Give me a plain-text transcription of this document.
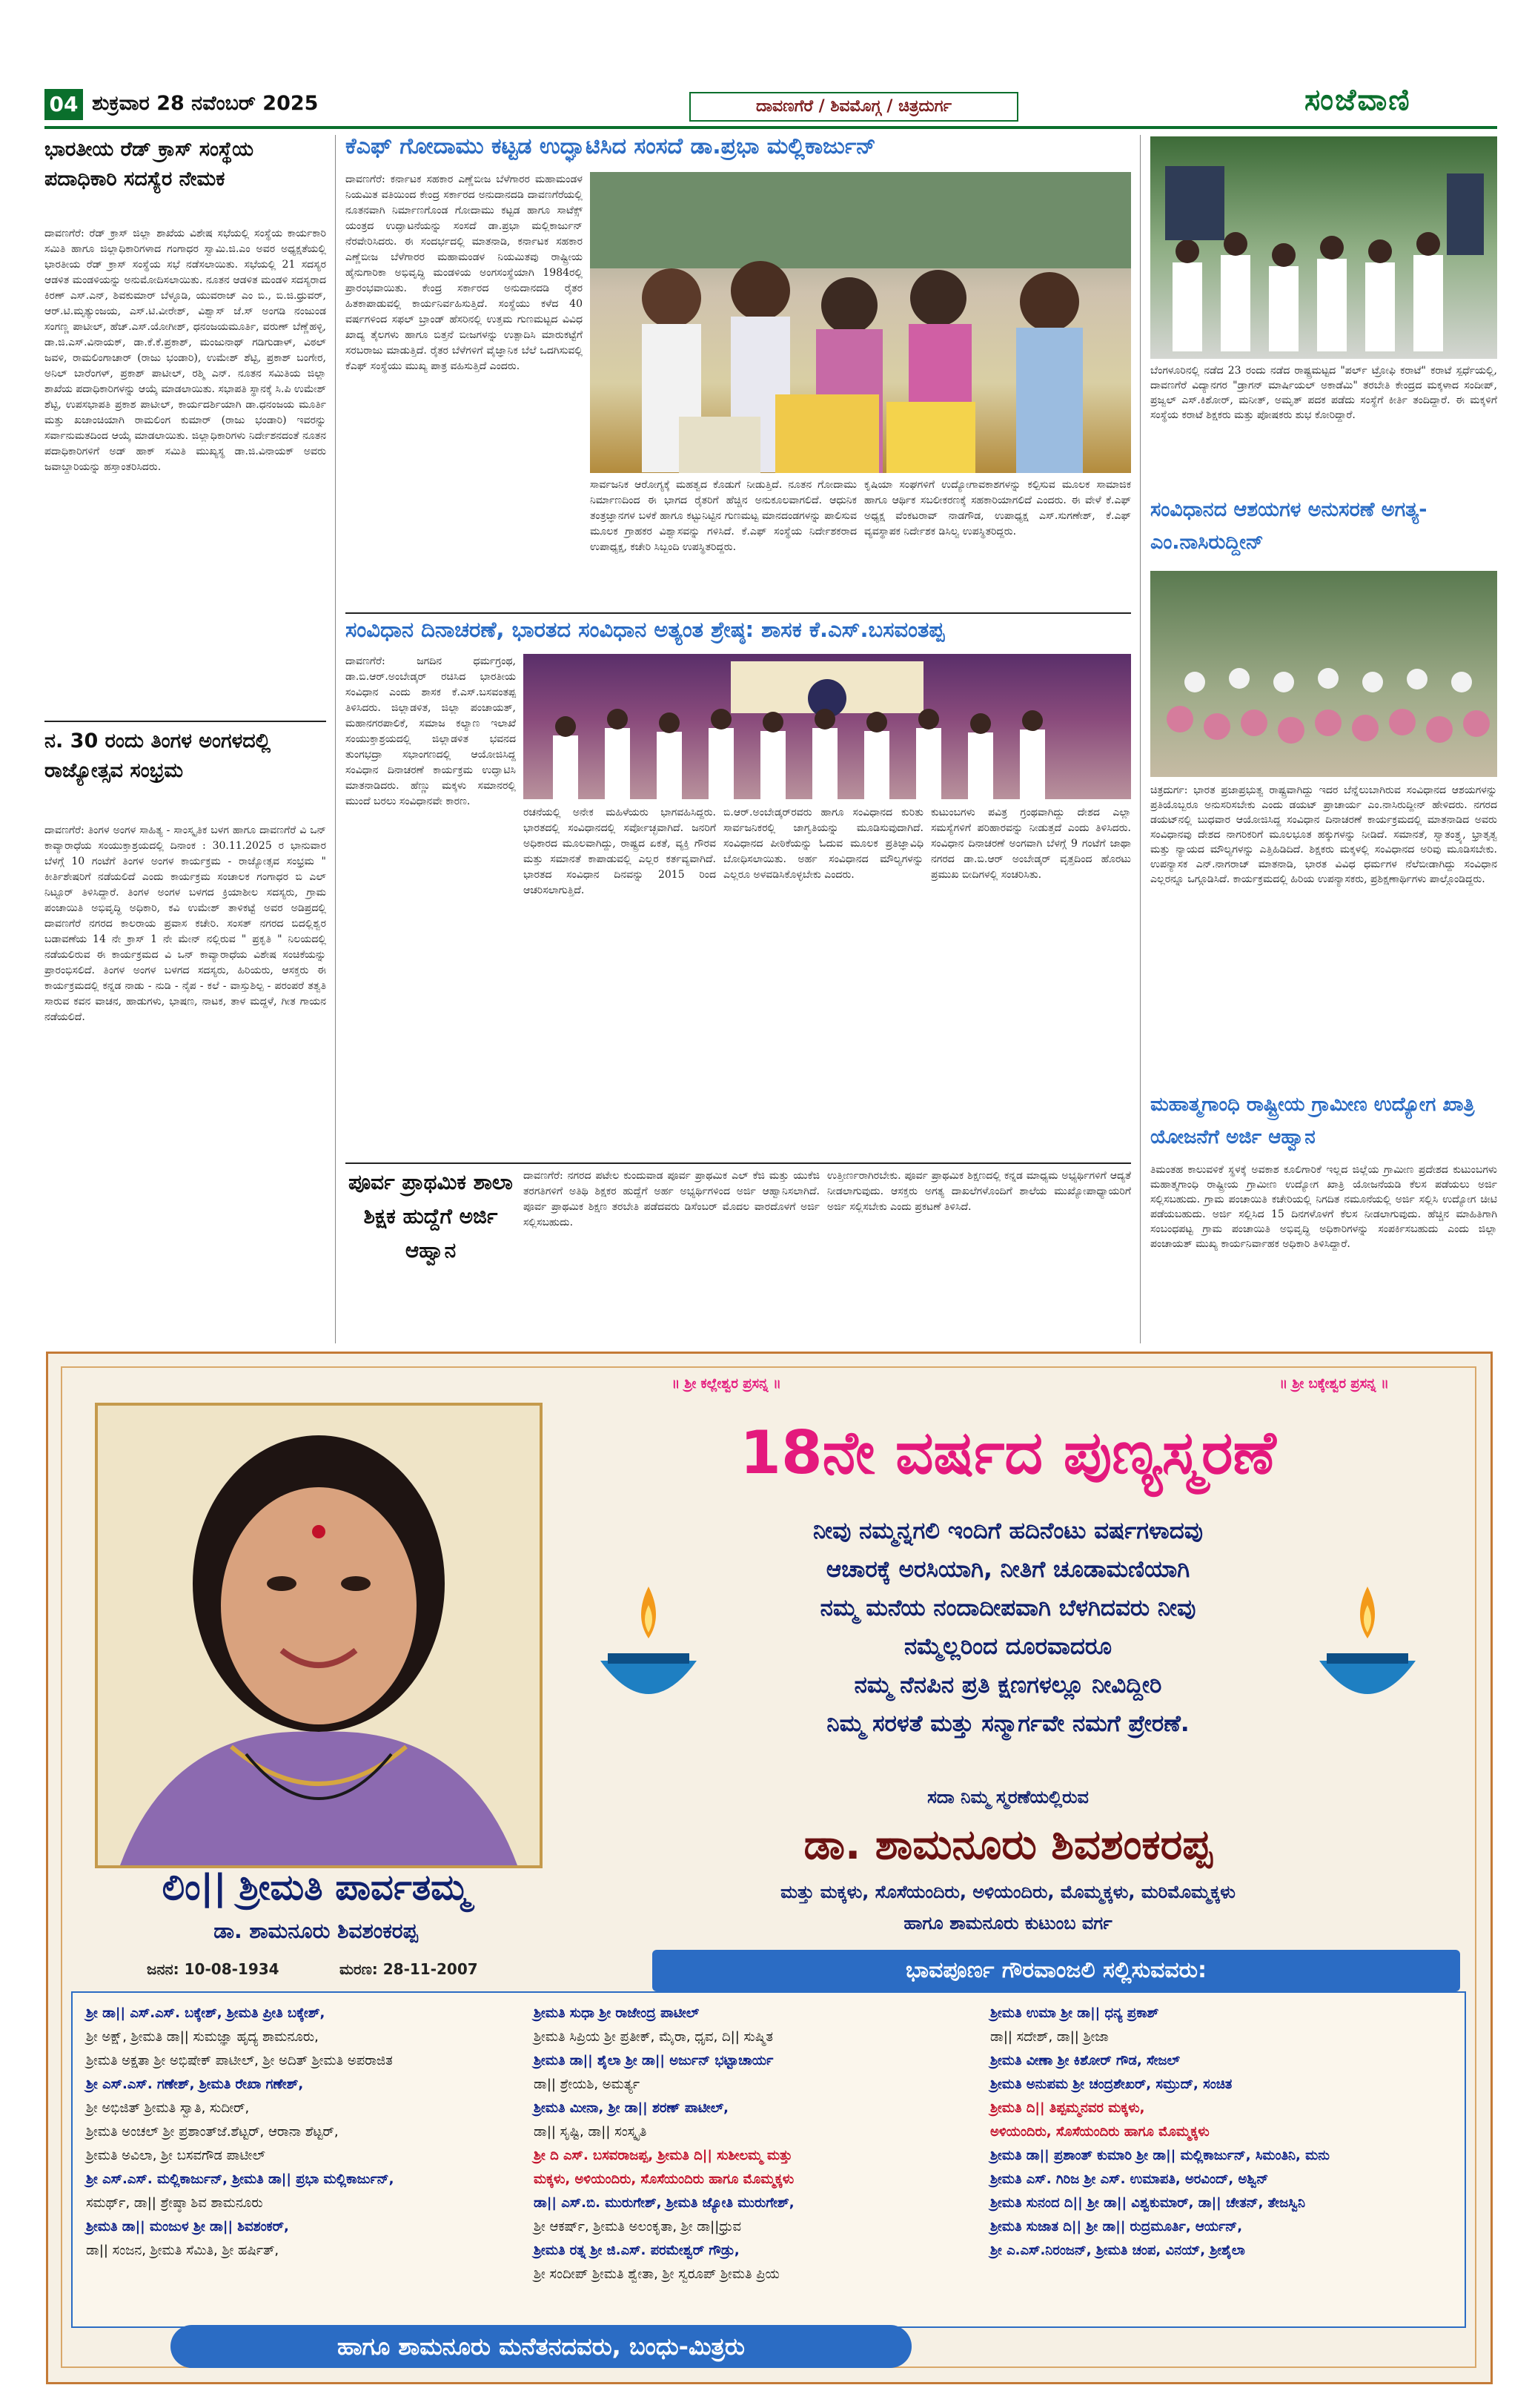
04 ಶುಕ್ರವಾರ 28 ನವೆಂಬರ್ 2025	ದಾವಣಗೆರೆ / ಶಿವಮೊಗ್ಗ / ಚಿತ್ರದುರ್ಗ	ಸಂಜೆವಾಣಿ
ಭಾರತೀಯ ರೆಡ್ ಕ್ರಾಸ್ ಸಂಸ್ಥೆಯ ಪದಾಧಿಕಾರಿ ಸದಸ್ಯೆರ ನೇಮಕ
ದಾವಣಗೆರೆ: ರೆಡ್ ಕ್ರಾಸ್ ಜಿಲ್ಲಾ ಶಾಖೆಯ ವಿಶೇಷ ಸಭೆಯಲ್ಲಿ ಸಂಸ್ಥೆಯ ಕಾರ್ಯಕಾರಿ ಸಮಿತಿ ಹಾಗೂ ಜಿಲ್ಲಾಧಿಕಾರಿಗಳಾದ ಗಂಗಾಧರ ಸ್ವಾಮಿ.ಜಿ.ಎಂ ಅವರ ಅಧ್ಯಕ್ಷತೆಯಲ್ಲಿ ಭಾರತೀಯ ರೆಡ್ ಕ್ರಾಸ್ ಸಂಸ್ಥೆಯ ಸಭೆ ನಡೆಸಲಾಯಿತು. ಸಭೆಯಲ್ಲಿ 21 ಸದಸ್ಯರ ಆಡಳಿತ ಮಂಡಳಿಯನ್ನು ಅನುಮೋದಿಸಲಾಯಿತು. ನೂತನ ಆಡಳಿತ ಮಂಡಳಿ ಸದಸ್ಯರಾದ ಕಿರಣ್ ಎಸ್.ಎನ್, ಶಿವಕುಮಾರ್ ಬೆಳ್ಳೂಡಿ, ಯುವರಾಜ್ ಎಂ ಬಿ., ಬಿ.ಜಿ.ಧ್ರುವರ್, ಆರ್.ಟಿ.ಮೃತ್ಯುಂಜಯ, ಎಸ್.ಟಿ.ವೀರೇಶ್, ವಿಶ್ವಾಸ್ ಜೆ.ಸ್ ಅಂಗಡಿ ನಂಜುಂಡ ಸಂಗಣ್ಣ ಪಾಟೀಲ್, ಹೆಚ್.ಎಸ್.ಯೋಗೀಶ್, ಧನಂಜಯಮೂರ್ತಿ, ವರುಣ್ ಬೆಣ್ಣೆಹಳ್ಳಿ, ಡಾ.ಜಿ.ಎಸ್.ವಿನಾಯಕ್, ಡಾ.ಕೆ.ಕೆ.ಪ್ರಕಾಶ್, ಮಂಜುನಾಥ್ ಗಡಿಗುಡಾಳ್, ವಿಠಲ್ ಜವಳಿ, ರಾಮಲಿಂಗಾಚಾರ್ (ರಾಜು ಭಂಡಾರಿ), ಉಮೇಶ್ ಶೆಟ್ಟಿ, ಪ್ರಕಾಶ್ ಬಂಗೇರ, ಅನಿಲ್ ಬಾರೆಂಗಳ್, ಪ್ರಕಾಶ್ ಪಾಟೀಲ್, ರಶ್ಮಿ ಎನ್. ನೂತನ ಸಮಿತಿಯ ಜಿಲ್ಲಾ ಶಾಖೆಯ ಪದಾಧಿಕಾರಿಗಳನ್ನು ಆಯ್ಕೆ ಮಾಡಲಾಯಿತು. ಸಭಾಪತಿ ಸ್ಥಾನಕ್ಕೆ ಸಿ.ಪಿ ಉಮೇಶ್ ಶೆಟ್ಟಿ, ಉಪಸಭಾಪತಿ ಪ್ರಕಾಶ ಪಾಟೀಲ್, ಕಾರ್ಯದರ್ಶಿಯಾಗಿ ಡಾ.ಧನಂಜಯ ಮೂರ್ತಿ ಮತ್ತು ಖಜಾಂಚಿಯಾಗಿ ರಾಮಲಿಂಗ ಕುಮಾರ್ (ರಾಜು ಭಂಡಾರಿ) ಇವರನ್ನು ಸರ್ವಾನುಮತದಿಂದ ಆಯ್ಕೆ ಮಾಡಲಾಯಿತು. ಜಿಲ್ಲಾಧಿಕಾರಿಗಳು ನಿರ್ದೇಶನದಂತೆ ನೂತನ ಪದಾಧಿಕಾರಿಗಳಿಗೆ ಅಡ್ ಹಾಕ್ ಸಮಿತಿ ಮುಖ್ಯಸ್ಥ ಡಾ.ಜಿ.ವಿನಾಯಕ್ ಅವರು ಜವಾಬ್ದಾರಿಯನ್ನು ಹಸ್ತಾಂತರಿಸಿದರು.
ನ. 30 ರಂದು ತಿಂಗಳ ಅಂಗಳದಲ್ಲಿ ರಾಜ್ಯೋತ್ಸವ ಸಂಭ್ರಮ
ದಾವಣಗೆರೆ: ತಿಂಗಳ ಅಂಗಳ ಸಾಹಿತ್ಯ - ಸಾಂಸ್ಕೃತಿಕ ಬಳಗ ಹಾಗೂ ದಾವಣಗೆರೆ ವಿ ಒನ್ ಕಾವ್ಯಾರಾಧೆಯ ಸಂಯುಕ್ತಾಶ್ರಯದಲ್ಲಿ ದಿನಾಂಕ : 30.11.2025 ರ ಭಾನುವಾರ ಬೆಳಗ್ಗೆ 10 ಗಂಟೆಗೆ ತಿಂಗಳ ಅಂಗಳ ಕಾರ್ಯಕ್ರಮ - ರಾಜ್ಯೋತ್ಸವ ಸಂಭ್ರಮ " ಕೀರ್ತಿಶೇಷರಿಗೆ ನಡೆಯಲಿದೆ ಎಂದು ಕಾರ್ಯಕ್ರಮ ಸಂಚಾಲಕ ಗಂಗಾಧರ ಬಿ ಎಲ್ ನಿಟ್ಟೂರ್ ತಿಳಿಸಿದ್ದಾರೆ. ತಿಂಗಳ ಅಂಗಳ ಬಳಗದ ಕ್ರಿಯಾಶೀಲ ಸದಸ್ಯರು, ಗ್ರಾಮ ಪಂಚಾಯಿತಿ ಅಭಿವೃದ್ಧಿ ಅಧಿಕಾರಿ, ಕವಿ ಉಮೇಶ್ ತಾಳಿಕಟ್ಟೆ ಅವರ ಅಡಿಪ್ರದಲ್ಲಿ ದಾವಣಗೆರೆ ನಗರದ ಕಾಲರಾಯ ಪ್ರವಾಸ ಕಚೇರಿ. ಸಂಸತ್ ನಗರದ ಬಿದಲ್ಲಿಶ್ವರ ಬಡಾವಣೆಯ 14 ನೇ ಕ್ರಾಸ್ 1 ನೇ ಮೇನ್ ನಲ್ಲಿರುವ " ಪ್ರಕೃತಿ " ನಿಲಯದಲ್ಲಿ ನಡೆಯಲಿರುವ ಈ ಕಾರ್ಯಕ್ರಮದ ವಿ ಒನ್ ಕಾವ್ಯಾರಾಧೆಯ ವಿಶೇಷ ಸಂಚಿಕೆಯನ್ನು ಪ್ರಾರಂಭಿಸಲಿದೆ. ತಿಂಗಳ ಅಂಗಳ ಬಳಗದ ಸದಸ್ಯರು, ಹಿರಿಯರು, ಆಸಕ್ತರು ಈ ಕಾರ್ಯಕ್ರಮದಲ್ಲಿ ಕನ್ನಡ ನಾಡು - ನುಡಿ - ನೈಪ - ಕಲೆ - ವಾಸ್ತುಶಿಲ್ಪ - ಪರಂಪರೆ ತತ್ವತಿ ಸಾರುವ ಕವನ ವಾಚನ, ಹಾಡುಗಳು, ಭಾಷಣ, ನಾಟಕ, ತಾಳ ಮದ್ದಳೆ, ಗೀತ ಗಾಯನ ನಡೆಯಲಿದೆ.
ಕೆಎಫ್ ಗೋದಾಮು ಕಟ್ಟಡ ಉದ್ಘಾಟಿಸಿದ ಸಂಸದೆ ಡಾ.ಪ್ರಭಾ ಮಲ್ಲಿಕಾರ್ಜುನ್
ದಾವಣಗೆರೆ: ಕರ್ನಾಟಕ ಸಹಕಾರ ಎಣ್ಣೆಬೀಜ ಬೆಳೆಗಾರರ ಮಹಾಮಂಡಳ ನಿಯಮಿತ ವತಿಯಿಂದ ಕೇಂದ್ರ ಸರ್ಕಾರದ ಅನುದಾನದಡಿ ದಾವಣಗೆರೆಯಲ್ಲಿ ನೂತನವಾಗಿ ನಿರ್ಮಾಣಗೊಂಡ ಗೋದಾಮು ಕಟ್ಟಡ ಹಾಗೂ ಸಾಟೆಕ್ಸ್ ಯಂತ್ರದ ಉದ್ಘಾಟನೆಯನ್ನು ಸಂಸದೆ ಡಾ.ಪ್ರಭಾ ಮಲ್ಲಿಕಾರ್ಜುನ್ ನೆರವೇರಿಸಿದರು. ಈ ಸಂದರ್ಭದಲ್ಲಿ ಮಾತನಾಡಿ, ಕರ್ನಾಟಕ ಸಹಕಾರ ಎಣ್ಣೆಬೀಜ ಬೆಳೆಗಾರರ ಮಹಾಮಂಡಳ ನಿಯಮಿತವು ರಾಷ್ಟ್ರೀಯ ಹೈನುಗಾರಿಕಾ ಅಭಿವೃದ್ಧಿ ಮಂಡಳಿಯ ಅಂಗಸಂಸ್ಥೆಯಾಗಿ 1984ರಲ್ಲಿ ಪ್ರಾರಂಭವಾಯಿತು. ಕೇಂದ್ರ ಸರ್ಕಾರದ ಅನುದಾನದಡಿ ರೈತರ ಹಿತಕಾಪಾಡುವಲ್ಲಿ ಕಾರ್ಯನಿರ್ವಹಿಸುತ್ತಿದೆ. ಸಂಸ್ಥೆಯು ಕಳೆದ 40 ವರ್ಷಗಳಿಂದ ಸಫಲ್ ಬ್ರಾಂಡ್ ಹೆಸರಿನಲ್ಲಿ ಉತ್ತಮ ಗುಣಮಟ್ಟದ ವಿವಿಧ ಖಾದ್ಯ ತೈಲಗಳು ಹಾಗೂ ಬಿತ್ತನೆ ಬೀಜಗಳನ್ನು ಉತ್ಪಾದಿಸಿ ಮಾರುಕಟ್ಟೆಗೆ ಸರಬರಾಜು ಮಾಡುತ್ತಿದೆ. ರೈತರ ಬೆಳೆಗಳಿಗೆ ವೈಜ್ಞಾನಿಕ ಬೆಲೆ ಒದಗಿಸುವಲ್ಲಿ ಕೆಎಫ್ ಸಂಸ್ಥೆಯು ಮುಖ್ಯ ಪಾತ್ರ ವಹಿಸುತ್ತಿದೆ ಎಂದರು.
ಸಾರ್ವಜನಿಕ ಆರೋಗ್ಯಕ್ಕೆ ಮಹತ್ವದ ಕೊಡುಗೆ ನೀಡುತ್ತಿದೆ. ನೂತನ ಗೋದಾಮು ನಿರ್ಮಾಣದಿಂದ ಈ ಭಾಗದ ರೈತರಿಗೆ ಹೆಚ್ಚಿನ ಅನುಕೂಲವಾಗಲಿದೆ. ಆಧುನಿಕ ತಂತ್ರಜ್ಞಾನಗಳ ಬಳಕೆ ಹಾಗೂ ಕಟ್ಟುನಿಟ್ಟಿನ ಗುಣಮಟ್ಟ ಮಾನದಂಡಗಳನ್ನು ಪಾಲಿಸುವ ಮೂಲಕ ಗ್ರಾಹಕರ ವಿಶ್ವಾಸವನ್ನು ಗಳಿಸಿದೆ. ಕೆ.ಎಫ್ ಸಂಸ್ಥೆಯ ನಿರ್ದೇಶಕರಾದ ಉಪಾಧ್ಯಕ್ಷ, ಕಚೇರಿ ಸಿಬ್ಬಂದಿ ಉಪಸ್ಥಿತರಿದ್ದರು.
ಕೃಷಿಯಾ ಸಂಘಗಳಿಗೆ ಉದ್ಯೋಗಾವಕಾಶಗಳನ್ನು ಕಲ್ಪಿಸುವ ಮೂಲಕ ಸಾಮಾಜಿಕ ಹಾಗೂ ಆರ್ಥಿಕ ಸಬಲೀಕರಣಕ್ಕೆ ಸಹಕಾರಿಯಾಗಲಿದೆ ಎಂದರು. ಈ ವೇಳೆ ಕೆ.ಎಫ್ ಅಧ್ಯಕ್ಷ ವೆಂಕಟರಾವ್ ನಾಡಗೌಡ, ಉಪಾಧ್ಯಕ್ಷ ಎಸ್.ಸುಗಣೇಶ್, ಕೆ.ಎಫ್ ವ್ಯವಸ್ಥಾಪಕ ನಿರ್ದೇಶಕ ಡಿಸಿಲ್ವ ಉಪಸ್ಥಿತರಿದ್ದರು.
ಸಂವಿಧಾನ ದಿನಾಚರಣೆ, ಭಾರತದ ಸಂವಿಧಾನ ಅತ್ಯಂತ ಶ್ರೇಷ್ಠ: ಶಾಸಕ ಕೆ.ಎಸ್.ಬಸವಂತಪ್ಪ
ದಾವಣಗೆರೆ: ಜಗದಿನ ಧರ್ಮಗ್ರಂಥ, ಡಾ.ಬಿ.ಆರ್.ಅಂಬೇಡ್ಕರ್ ರಚಿಸಿದ ಭಾರತೀಯ ಸಂವಿಧಾನ ಎಂದು ಶಾಸಕ ಕೆ.ಎಸ್.ಬಸವಂತಪ್ಪ ತಿಳಿಸಿದರು. ಜಿಲ್ಲಾಡಳಿತ, ಜಿಲ್ಲಾ ಪಂಚಾಯತ್, ಮಹಾನಗರಪಾಲಿಕೆ, ಸಮಾಜ ಕಲ್ಯಾಣ ಇಲಾಖೆ ಸಂಯುಕ್ತಾಶ್ರಯದಲ್ಲಿ ಜಿಲ್ಲಾಡಳಿತ ಭವನದ ತುಂಗಭದ್ರಾ ಸಭಾಂಗಣದಲ್ಲಿ ಆಯೋಜಿಸಿದ್ದ ಸಂವಿಧಾನ ದಿನಾಚರಣೆ ಕಾರ್ಯಕ್ರಮ ಉದ್ಘಾಟಿಸಿ ಮಾತನಾಡಿದರು. ಹೆಣ್ಣು ಮಕ್ಕಳು ಸಮಾನರಲ್ಲಿ ಮುಂದೆ ಬರಲು ಸಂವಿಧಾನವೇ ಕಾರಣ.
ರಚನೆಯಲ್ಲಿ ಅನೇಕ ಮಹಿಳೆಯರು ಭಾಗವಹಿಸಿದ್ದರು. ಭಾರತದಲ್ಲಿ ಸಂವಿಧಾನದಲ್ಲಿ ಸರ್ವೋಚ್ಛವಾಗಿದೆ. ಜನರಿಗೆ ಅಧಿಕಾರದ ಮೂಲವಾಗಿದ್ದು, ರಾಷ್ಟ್ರದ ಏಕತೆ, ವ್ಯಕ್ತಿ ಗೌರವ ಮತ್ತು ಸಮಾನತೆ ಕಾಪಾಡುವಲ್ಲಿ ಎಲ್ಲರ ಕರ್ತವ್ಯವಾಗಿದೆ. ಭಾರತದ ಸಂವಿಧಾನ ದಿನವನ್ನು 2015 ರಿಂದ ಆಚರಿಸಲಾಗುತ್ತಿದೆ.
ಬಿ.ಆರ್.ಅಂಬೇಡ್ಕರ್‌ರವರು ಹಾಗೂ ಸಂವಿಧಾನದ ಕುರಿತು ಸಾರ್ವಜನಿಕರಲ್ಲಿ ಜಾಗೃತಿಯನ್ನು ಮೂಡಿಸುವುದಾಗಿದೆ. ಸಂವಿಧಾನದ ಪೀಠಿಕೆಯನ್ನು ಓದುವ ಮೂಲಕ ಪ್ರತಿಜ್ಞಾವಿಧಿ ಬೋಧಿಸಲಾಯಿತು. ಅರ್ಹ ಸಂವಿಧಾನದ ಮೌಲ್ಯಗಳನ್ನು ಎಲ್ಲರೂ ಅಳವಡಿಸಿಕೊಳ್ಳಬೇಕು ಎಂದರು.
ಕುಟುಂಬಗಳು ಪವಿತ್ರ ಗ್ರಂಥವಾಗಿದ್ದು ದೇಶದ ಎಲ್ಲಾ ಸಮಸ್ಯೆಗಳಿಗೆ ಪರಿಹಾರವನ್ನು ನೀಡುತ್ತದೆ ಎಂದು ತಿಳಿಸಿದರು. ಸಂವಿಧಾನ ದಿನಾಚರಣೆ ಅಂಗವಾಗಿ ಬೆಳಗ್ಗೆ 9 ಗಂಟೆಗೆ ಜಾಥಾ ನಗರದ ಡಾ.ಬಿ.ಆರ್ ಅಂಬೇಡ್ಕರ್ ವೃತ್ತದಿಂದ ಹೊರಟು ಪ್ರಮುಖ ಬೀದಿಗಳಲ್ಲಿ ಸಂಚರಿಸಿತು.
ಪೂರ್ವ ಪ್ರಾಥಮಿಕ ಶಾಲಾ ಶಿಕ್ಷಕ ಹುದ್ದೆಗೆ ಅರ್ಜಿ ಆಹ್ವಾನ
ದಾವಣಗೆರೆ: ನಗರದ ಪಟೇಲ ಕುಂದುವಾಡ ಪೂರ್ವ ಪ್ರಾಥಮಿಕ ಎಲ್ ಕೆಜಿ ಮತ್ತು ಯುಕೆಜಿ ತರಗತಿಗಳಿಗೆ ಅತಿಥಿ ಶಿಕ್ಷಕರ ಹುದ್ದೆಗೆ ಅರ್ಹ ಅಭ್ಯರ್ಥಿಗಳಿಂದ ಅರ್ಜಿ ಆಹ್ವಾನಿಸಲಾಗಿದೆ. ಪೂರ್ವ ಪ್ರಾಥಮಿಕ ಶಿಕ್ಷಣ ತರಬೇತಿ ಪಡೆದವರು ಡಿಸೆಂಬರ್ ಮೊದಲ ವಾರದೊಳಗೆ ಅರ್ಜಿ ಸಲ್ಲಿಸಬಹುದು.
ಉತ್ತೀರ್ಣರಾಗಿರಬೇಕು. ಪೂರ್ವ ಪ್ರಾಥಮಿಕ ಶಿಕ್ಷಣದಲ್ಲಿ ಕನ್ನಡ ಮಾಧ್ಯಮ ಅಭ್ಯರ್ಥಿಗಳಿಗೆ ಆದ್ಯತೆ ನೀಡಲಾಗುವುದು. ಆಸಕ್ತರು ಅಗತ್ಯ ದಾಖಲೆಗಳೊಂದಿಗೆ ಶಾಲೆಯ ಮುಖ್ಯೋಪಾಧ್ಯಾಯರಿಗೆ ಅರ್ಜಿ ಸಲ್ಲಿಸಬೇಕು ಎಂದು ಪ್ರಕಟಣೆ ತಿಳಿಸಿದೆ.
ಬೆಂಗಳೂರಿನಲ್ಲಿ ನಡೆದ 23 ರಂದು ನಡೆದ ರಾಷ್ಟ್ರಮಟ್ಟದ "ಪರ್ಲ್ ಟ್ರೋಫಿ ಕರಾಟೆ" ಕರಾಟೆ ಸ್ಪರ್ಧೆಯಲ್ಲಿ, ದಾವಣಗೆರೆ ವಿದ್ಯಾನಗರ "ಡ್ರಾಗನ್ ಮಾರ್ಷಿಯಲ್ ಅಕಾಡೆಮಿ" ತರಬೇತಿ ಕೇಂದ್ರದ ಮಕ್ಕಳಾದ ಸಂದೀಪ್, ಪ್ರಜ್ವಲ್ ಎಸ್.ಕಿಶೋರ್, ಮನೀತ್, ಅಮೃತ್ ಪದಕ ಪಡೆದು ಸಂಸ್ಥೆಗೆ ಕೀರ್ತಿ ತಂದಿದ್ದಾರೆ. ಈ ಮಕ್ಕಳಿಗೆ ಸಂಸ್ಥೆಯ ಕರಾಟೆ ಶಿಕ್ಷಕರು ಮತ್ತು ಪೋಷಕರು ಶುಭ ಕೋರಿದ್ದಾರೆ.
ಸಂವಿಧಾನದ ಆಶಯಗಳ ಅನುಸರಣೆ ಅಗತ್ಯ-ಎಂ.ನಾಸಿರುದ್ದೀನ್
ಚಿತ್ರದುರ್ಗ: ಭಾರತ ಪ್ರಜಾಪ್ರಭುತ್ವ ರಾಷ್ಟ್ರವಾಗಿದ್ದು ಇದರ ಬೆನ್ನೆಲುಬಾಗಿರುವ ಸಂವಿಧಾನದ ಆಶಯಗಳನ್ನು ಪ್ರತಿಯೊಬ್ಬರೂ ಅನುಸರಿಸಬೇಕು ಎಂದು ಡಯಟ್ ಪ್ರಾಚಾರ್ಯ ಎಂ.ನಾಸಿರುದ್ದೀನ್ ಹೇಳಿದರು. ನಗರದ ಡಯಟ್‌ನಲ್ಲಿ ಬುಧವಾರ ಆಯೋಜಿಸಿದ್ದ ಸಂವಿಧಾನ ದಿನಾಚರಣೆ ಕಾರ್ಯಕ್ರಮದಲ್ಲಿ ಮಾತನಾಡಿದ ಅವರು ಸಂವಿಧಾನವು ದೇಶದ ನಾಗರಿಕರಿಗೆ ಮೂಲಭೂತ ಹಕ್ಕುಗಳನ್ನು ನೀಡಿದೆ. ಸಮಾನತೆ, ಸ್ವಾತಂತ್ರ್ಯ, ಭ್ರಾತೃತ್ವ ಮತ್ತು ನ್ಯಾಯದ ಮೌಲ್ಯಗಳನ್ನು ಎತ್ತಿಹಿಡಿದಿದೆ. ಶಿಕ್ಷಕರು ಮಕ್ಕಳಲ್ಲಿ ಸಂವಿಧಾನದ ಅರಿವು ಮೂಡಿಸಬೇಕು. ಉಪನ್ಯಾಸಕ ಎನ್.ನಾಗರಾಜ್ ಮಾತನಾಡಿ, ಭಾರತ ವಿವಿಧ ಧರ್ಮಗಳ ನೆಲೆಬೀಡಾಗಿದ್ದು ಸಂವಿಧಾನ ಎಲ್ಲರನ್ನೂ ಒಗ್ಗೂಡಿಸಿದೆ. ಕಾರ್ಯಕ್ರಮದಲ್ಲಿ ಹಿರಿಯ ಉಪನ್ಯಾಸಕರು, ಪ್ರಶಿಕ್ಷಣಾರ್ಥಿಗಳು ಪಾಲ್ಗೊಂಡಿದ್ದರು.
ಮಹಾತ್ಮಗಾಂಧಿ ರಾಷ್ಟ್ರೀಯ ಗ್ರಾಮೀಣ ಉದ್ಯೋಗ ಖಾತ್ರಿ ಯೋಜನೆಗೆ ಅರ್ಜಿ ಆಹ್ವಾನ
ತಿಮಂತಹ ಕಾಲುವಳಿಕೆ ಸ್ಥಳಕ್ಕೆ ಅವಕಾಶ ಕೂಲಿಗಾರಿಕೆ ಇಲ್ಲದ ಜಿಲ್ಲೆಯ ಗ್ರಾಮೀಣ ಪ್ರದೇಶದ ಕುಟುಂಬಗಳು ಮಹಾತ್ಮಗಾಂಧಿ ರಾಷ್ಟ್ರೀಯ ಗ್ರಾಮೀಣ ಉದ್ಯೋಗ ಖಾತ್ರಿ ಯೋಜನೆಯಡಿ ಕೆಲಸ ಪಡೆಯಲು ಅರ್ಜಿ ಸಲ್ಲಿಸಬಹುದು. ಗ್ರಾಮ ಪಂಚಾಯಿತಿ ಕಚೇರಿಯಲ್ಲಿ ನಿಗದಿತ ನಮೂನೆಯಲ್ಲಿ ಅರ್ಜಿ ಸಲ್ಲಿಸಿ ಉದ್ಯೋಗ ಚೀಟಿ ಪಡೆಯಬಹುದು. ಅರ್ಜಿ ಸಲ್ಲಿಸಿದ 15 ದಿನಗಳೊಳಗೆ ಕೆಲಸ ನೀಡಲಾಗುವುದು. ಹೆಚ್ಚಿನ ಮಾಹಿತಿಗಾಗಿ ಸಂಬಂಧಪಟ್ಟ ಗ್ರಾಮ ಪಂಚಾಯಿತಿ ಅಭಿವೃದ್ಧಿ ಅಧಿಕಾರಿಗಳನ್ನು ಸಂಪರ್ಕಿಸಬಹುದು ಎಂದು ಜಿಲ್ಲಾ ಪಂಚಾಯತ್ ಮುಖ್ಯ ಕಾರ್ಯನಿರ್ವಾಹಕ ಅಧಿಕಾರಿ ತಿಳಿಸಿದ್ದಾರೆ.
॥ ಶ್ರೀ ಕಲ್ಲೇಶ್ವರ ಪ್ರಸನ್ನ ॥	॥ ಶ್ರೀ ಬಕ್ಕೇಶ್ವರ ಪ್ರಸನ್ನ ॥
ಲಿಂ|| ಶ್ರೀಮತಿ ಪಾರ್ವತಮ್ಮ
ಡಾ. ಶಾಮನೂರು ಶಿವಶಂಕರಪ್ಪ
ಜನನ: 10-08-1934	ಮರಣ: 28-11-2007
18ನೇ ವರ್ಷದ ಪುಣ್ಯಸ್ಮರಣೆ
ನೀವು ನಮ್ಮನ್ನಗಲಿ ಇಂದಿಗೆ ಹದಿನೆಂಟು ವರ್ಷಗಳಾದವು
ಆಚಾರಕ್ಕೆ ಅರಸಿಯಾಗಿ, ನೀತಿಗೆ ಚೂಡಾಮಣಿಯಾಗಿ
ನಮ್ಮ ಮನೆಯ ನಂದಾದೀಪವಾಗಿ ಬೆಳಗಿದವರು ನೀವು
ನಮ್ಮೆಲ್ಲರಿಂದ ದೂರವಾದರೂ
ನಮ್ಮ ನೆನಪಿನ ಪ್ರತಿ ಕ್ಷಣಗಳಲ್ಲೂ ನೀವಿದ್ದೀರಿ
ನಿಮ್ಮ ಸರಳತೆ ಮತ್ತು ಸನ್ಮಾರ್ಗವೇ ನಮಗೆ ಪ್ರೇರಣೆ.
ಸದಾ ನಿಮ್ಮ ಸ್ಮರಣೆಯಲ್ಲಿರುವ
ಡಾ. ಶಾಮನೂರು ಶಿವಶಂಕರಪ್ಪ
ಮತ್ತು ಮಕ್ಕಳು, ಸೊಸೆಯಂದಿರು, ಅಳಿಯಂದಿರು, ಮೊಮ್ಮಕ್ಕಳು, ಮರಿಮೊಮ್ಮಕ್ಕಳು
ಹಾಗೂ ಶಾಮನೂರು ಕುಟುಂಬ ವರ್ಗ
ಭಾವಪೂರ್ಣ ಗೌರವಾಂಜಲಿ ಸಲ್ಲಿಸುವವರು:
ಶ್ರೀ ಡಾ|| ಎಸ್.ಎಸ್. ಬಕ್ಕೇಶ್, ಶ್ರೀಮತಿ ಪ್ರೀತಿ ಬಕ್ಕೇಶ್,
ಶ್ರೀ ಅಕ್ಷ್, ಶ್ರೀಮತಿ ಡಾ|| ಸುಮಜ್ಞಾ ಹೃದ್ಯ ಶಾಮನೂರು,
ಶ್ರೀಮತಿ ಅಕ್ಷತಾ ಶ್ರೀ ಅಭಿಷೇಕ್ ಪಾಟೀಲ್, ಶ್ರೀ ಅದಿತ್ ಶ್ರೀಮತಿ ಅಪರಾಜಿತ
ಶ್ರೀ ಎಸ್.ಎಸ್. ಗಣೇಶ್, ಶ್ರೀಮತಿ ರೇಖಾ ಗಣೇಶ್,
ಶ್ರೀ ಅಭಿಜಿತ್ ಶ್ರೀಮತಿ ಸ್ವಾತಿ, ಸುದೀರ್,
ಶ್ರೀಮತಿ ಅಂಚಲ್ ಶ್ರೀ ಪ್ರಶಾಂತ್‌ಜೆ.ಶೆಟ್ಟರ್, ಆರಾನಾ ಶೆಟ್ಟರ್,
ಶ್ರೀಮತಿ ಅವಿಲಾ, ಶ್ರೀ ಬಸವಗೌಡ ಪಾಟೀಲ್
ಶ್ರೀ ಎಸ್.ಎಸ್. ಮಲ್ಲಿಕಾರ್ಜುನ್, ಶ್ರೀಮತಿ ಡಾ|| ಪ್ರಭಾ ಮಲ್ಲಿಕಾರ್ಜುನ್,
ಸಮರ್ಥ್, ಡಾ|| ಶ್ರೇಷ್ಠಾ ಶಿವ ಶಾಮನೂರು
ಶ್ರೀಮತಿ ಡಾ|| ಮಂಜುಳ ಶ್ರೀ ಡಾ|| ಶಿವಶಂಕರ್,
ಡಾ|| ಸಂಜನ, ಶ್ರೀಮತಿ ಸೆಮಿತಿ, ಶ್ರೀ ಹರ್ಷಿತ್,
ಶ್ರೀಮತಿ ಸುಧಾ ಶ್ರೀ ರಾಜೇಂದ್ರ ಪಾಟೀಲ್
ಶ್ರೀಮತಿ ಸಿಪ್ರಿಯ ಶ್ರೀ ಪ್ರತೀಕ್, ಮೈರಾ, ಧೃವ, ದಿ|| ಸುಷ್ಮಿತ
ಶ್ರೀಮತಿ ಡಾ|| ಶೈಲಾ ಶ್ರೀ ಡಾ|| ಅರ್ಜುನ್ ಭಟ್ಟಾಚಾರ್ಯ
ಡಾ|| ಶ್ರೇಯಶಿ, ಅಮರ್ತ್ಯ
ಶ್ರೀಮತಿ ಮೀನಾ, ಶ್ರೀ ಡಾ|| ಶರಣ್ ಪಾಟೀಲ್,
ಡಾ|| ಸೃಷ್ಟಿ, ಡಾ|| ಸಂಸ್ಕೃತಿ
ಶ್ರೀ ದಿ ಎಸ್. ಬಸವರಾಜಪ್ಪ, ಶ್ರೀಮತಿ ದಿ|| ಸುಶೀಲಮ್ಮ ಮತ್ತು
ಮಕ್ಕಳು, ಅಳಿಯಂದಿರು, ಸೊಸೆಯಂದಿರು ಹಾಗೂ ಮೊಮ್ಮಕ್ಕಳು
ಡಾ|| ಎಸ್.ಬಿ. ಮುರುಗೇಶ್, ಶ್ರೀಮತಿ ಜ್ಯೋತಿ ಮುರುಗೇಶ್,
ಶ್ರೀ ಆಕರ್ಷ್, ಶ್ರೀಮತಿ ಅಲಂಕೃತಾ, ಶ್ರೀ ಡಾ||ಧ್ರುವ
ಶ್ರೀಮತಿ ರತ್ನ ಶ್ರೀ ಜಿ.ಎಸ್. ಪರಮೇಶ್ವರ್ ಗೌಡ್ರು,
ಶ್ರೀ ಸಂದೀಪ್ ಶ್ರೀಮತಿ ಶ್ವೇತಾ, ಶ್ರೀ ಸ್ವರೂಪ್ ಶ್ರೀಮತಿ ಪ್ರಿಯ
ಶ್ರೀಮತಿ ಉಮಾ ಶ್ರೀ ಡಾ|| ಧನ್ಯ ಪ್ರಕಾಶ್
ಡಾ|| ಸದೇಶ್, ಡಾ|| ಶ್ರೀಜಾ
ಶ್ರೀಮತಿ ವೀಣಾ ಶ್ರೀ ಕಿಶೋರ್ ಗೌಡ, ಸೇಜಲ್
ಶ್ರೀಮತಿ ಅನುಪಮ ಶ್ರೀ ಚಂದ್ರಶೇಖರ್, ಸಮ್ರುದ್, ಸಂಚಿತ
ಶ್ರೀಮತಿ ದಿ|| ತಿಪ್ಪಮ್ಮನವರ ಮಕ್ಕಳು,
ಅಳಿಯಂದಿರು, ಸೊಸೆಯಂದಿರು ಹಾಗೂ ಮೊಮ್ಮಕ್ಕಳು
ಶ್ರೀಮತಿ ಡಾ|| ಪ್ರಶಾಂತ್ ಕುಮಾರಿ ಶ್ರೀ ಡಾ|| ಮಲ್ಲಿಕಾರ್ಜುನ್, ಸಿಮಂತಿನಿ, ಮನು
ಶ್ರೀಮತಿ ಎಸ್. ಗಿರಿಜ ಶ್ರೀ ಎಸ್. ಉಮಾಪತಿ, ಅರವಿಂದ್, ಅಶ್ವಿನ್
ಶ್ರೀಮತಿ ಸುನಂದ ದಿ|| ಶ್ರೀ ಡಾ|| ವಿಶ್ವಕುಮಾರ್, ಡಾ|| ಚೇತನ್, ತೇಜಸ್ವಿನಿ
ಶ್ರೀಮತಿ ಸುಜಾತ ದಿ|| ಶ್ರೀ ಡಾ|| ರುದ್ರಮೂರ್ತಿ, ಆರ್ಯನ್,
ಶ್ರೀ ಎ.ಎಸ್.ನಿರಂಜನ್, ಶ್ರೀಮತಿ ಚಂಪ, ವಿನಯ್, ಶ್ರೀಶೈಲಾ
ಹಾಗೂ ಶಾಮನೂರು ಮನೆತನದವರು, ಬಂಧು-ಮಿತ್ರರು
